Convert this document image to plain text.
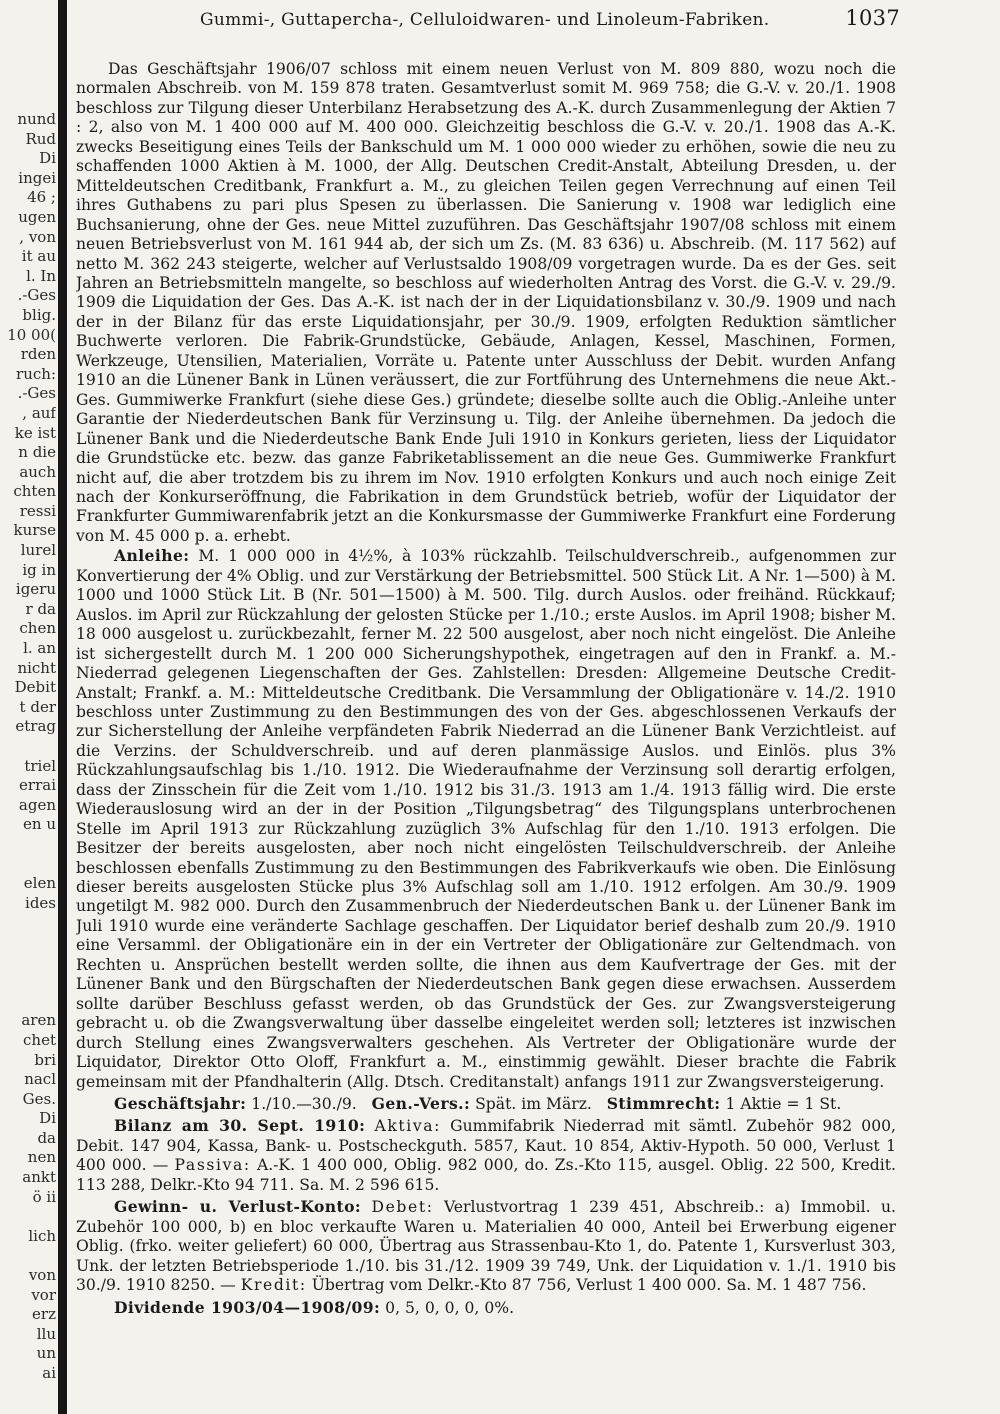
nund
Rud
Di
ingei
46 ;
ugen
, von
it au
l. In
.-Ges
blig.
10 00(
rden
ruch:
.-Ges
, auf
ke ist
n die
auch
chten
ressi
kurse
lurel
ig in
igeru
r da
chen
l. an
nicht
Debit
t der
etrag
triel
errai
agen
en u
elen
ides
aren
chet
bri
nacl
Ges.
Di
da
nen
ankt
ö ii
lich
von
vor
erz
llu
un
ai
Gummi-, Guttapercha-, Celluloidwaren- und Linoleum-Fabriken.	1037

Das Geschäftsjahr 1906/07 schloss mit einem neuen Verlust von M. 809 880, wozu noch die normalen Abschreib. von M. 159 878 traten. Gesamtverlust somit M. 969 758; die G.-V. v. 20./1. 1908 beschloss zur Tilgung dieser Unterbilanz Herabsetzung des A.-K. durch Zusammenlegung der Aktien 7 : 2, also von M. 1 400 000 auf M. 400 000. Gleichzeitig beschloss die G.-V. v. 20./1. 1908 das A.-K. zwecks Beseitigung eines Teils der Bankschuld um M. 1 000 000 wieder zu erhöhen, sowie die neu zu schaffenden 1000 Aktien à M. 1000, der Allg. Deutschen Credit-Anstalt, Abteilung Dresden, u. der Mitteldeutschen Creditbank, Frankfurt a. M., zu gleichen Teilen gegen Verrechnung auf einen Teil ihres Guthabens zu pari plus Spesen zu überlassen. Die Sanierung v. 1908 war lediglich eine Buchsanierung, ohne der Ges. neue Mittel zuzuführen. Das Geschäftsjahr 1907/08 schloss mit einem neuen Betriebsverlust von M. 161 944 ab, der sich um Zs. (M. 83 636) u. Abschreib. (M. 117 562) auf netto M. 362 243 steigerte, welcher auf Verlustsaldo 1908/09 vorgetragen wurde. Da es der Ges. seit Jahren an Betriebsmitteln mangelte, so beschloss auf wiederholten Antrag des Vorst. die G.-V. v. 29./9. 1909 die Liquidation der Ges. Das A.-K. ist nach der in der Liquidationsbilanz v. 30./9. 1909 und nach der in der Bilanz für das erste Liquidationsjahr, per 30./9. 1909, erfolgten Reduktion sämtlicher Buchwerte verloren. Die Fabrik-Grundstücke, Gebäude, Anlagen, Kessel, Maschinen, Formen, Werkzeuge, Utensilien, Materialien, Vorräte u. Patente unter Ausschluss der Debit. wurden Anfang 1910 an die Lünener Bank in Lünen veräussert, die zur Fortführung des Unternehmens die neue Akt.-Ges. Gummiwerke Frankfurt (siehe diese Ges.) gründete; dieselbe sollte auch die Oblig.-Anleihe unter Garantie der Niederdeutschen Bank für Verzinsung u. Tilg. der Anleihe übernehmen. Da jedoch die Lünener Bank und die Niederdeutsche Bank Ende Juli 1910 in Konkurs gerieten, liess der Liquidator die Grundstücke etc. bezw. das ganze Fabriketablissement an die neue Ges. Gummiwerke Frankfurt nicht auf, die aber trotzdem bis zu ihrem im Nov. 1910 erfolgten Konkurs und auch noch einige Zeit nach der Konkurseröffnung, die Fabrikation in dem Grundstück betrieb, wofür der Liquidator der Frankfurter Gummiwarenfabrik jetzt an die Konkursmasse der Gummiwerke Frankfurt eine Forderung von M. 45 000 p. a. erhebt.

Anleihe: M. 1 000 000 in 4½%, à 103% rückzahlb. Teilschuldverschreib., aufgenommen zur Konvertierung der 4% Oblig. und zur Verstärkung der Betriebsmittel. 500 Stück Lit. A Nr. 1—500) à M. 1000 und 1000 Stück Lit. B (Nr. 501—1500) à M. 500. Tilg. durch Auslos. oder freihänd. Rückkauf; Auslos. im April zur Rückzahlung der gelosten Stücke per 1./10.; erste Auslos. im April 1908; bisher M. 18 000 ausgelost u. zurückbezahlt, ferner M. 22 500 ausgelost, aber noch nicht eingelöst. Die Anleihe ist sichergestellt durch M. 1 200 000 Sicherungshypothek, eingetragen auf den in Frankf. a. M.-Niederrad gelegenen Liegenschaften der Ges. Zahlstellen: Dresden: Allgemeine Deutsche Credit-Anstalt; Frankf. a. M.: Mitteldeutsche Creditbank. Die Versammlung der Obligationäre v. 14./2. 1910 beschloss unter Zustimmung zu den Bestimmungen des von der Ges. abgeschlossenen Verkaufs der zur Sicherstellung der Anleihe verpfändeten Fabrik Niederrad an die Lünener Bank Verzichtleist. auf die Verzins. der Schuldverschreib. und auf deren planmässige Auslos. und Einlös. plus 3% Rückzahlungsaufschlag bis 1./10. 1912. Die Wiederaufnahme der Verzinsung soll derartig erfolgen, dass der Zinsschein für die Zeit vom 1./10. 1912 bis 31./3. 1913 am 1./4. 1913 fällig wird. Die erste Wiederauslosung wird an der in der Position „Tilgungsbetrag“ des Tilgungsplans unterbrochenen Stelle im April 1913 zur Rückzahlung zuzüglich 3% Aufschlag für den 1./10. 1913 erfolgen. Die Besitzer der bereits ausgelosten, aber noch nicht eingelösten Teilschuldverschreib. der Anleihe beschlossen ebenfalls Zustimmung zu den Bestimmungen des Fabrikverkaufs wie oben. Die Einlösung dieser bereits ausgelosten Stücke plus 3% Aufschlag soll am 1./10. 1912 erfolgen. Am 30./9. 1909 ungetilgt M. 982 000. Durch den Zusammenbruch der Niederdeutschen Bank u. der Lünener Bank im Juli 1910 wurde eine veränderte Sachlage geschaffen. Der Liquidator berief deshalb zum 20./9. 1910 eine Versamml. der Obligationäre ein in der ein Vertreter der Obligationäre zur Geltendmach. von Rechten u. Ansprüchen bestellt werden sollte, die ihnen aus dem Kaufvertrage der Ges. mit der Lünener Bank und den Bürgschaften der Niederdeutschen Bank gegen diese erwachsen. Ausserdem sollte darüber Beschluss gefasst werden, ob das Grundstück der Ges. zur Zwangsversteigerung gebracht u. ob die Zwangsverwaltung über dasselbe eingeleitet werden soll; letzteres ist inzwischen durch Stellung eines Zwangsverwalters geschehen. Als Vertreter der Obligationäre wurde der Liquidator, Direktor Otto Oloff, Frankfurt a. M., einstimmig gewählt. Dieser brachte die Fabrik gemeinsam mit der Pfandhalterin (Allg. Dtsch. Creditanstalt) anfangs 1911 zur Zwangsversteigerung.

Geschäftsjahr: 1./10.—30./9. Gen.-Vers.: Spät. im März. Stimmrecht: 1 Aktie = 1 St.

Bilanz am 30. Sept. 1910: Aktiva: Gummifabrik Niederrad mit sämtl. Zubehör 982 000, Debit. 147 904, Kassa, Bank- u. Postscheckguth. 5857, Kaut. 10 854, Aktiv-Hypoth. 50 000, Verlust 1 400 000. — Passiva: A.-K. 1 400 000, Oblig. 982 000, do. Zs.-Kto 115, ausgel. Oblig. 22 500, Kredit. 113 288, Delkr.-Kto 94 711. Sa. M. 2 596 615.

Gewinn- u. Verlust-Konto: Debet: Verlustvortrag 1 239 451, Abschreib.: a) Immobil. u. Zubehör 100 000, b) en bloc verkaufte Waren u. Materialien 40 000, Anteil bei Erwerbung eigener Oblig. (frko. weiter geliefert) 60 000, Übertrag aus Strassenbau-Kto 1, do. Patente 1, Kursverlust 303, Unk. der letzten Betriebsperiode 1./10. bis 31./12. 1909 39 749, Unk. der Liquidation v. 1./1. 1910 bis 30./9. 1910 8250. — Kredit: Übertrag vom Delkr.-Kto 87 756, Verlust 1 400 000. Sa. M. 1 487 756.

Dividende 1903/04—1908/09: 0, 5, 0, 0, 0, 0%.
